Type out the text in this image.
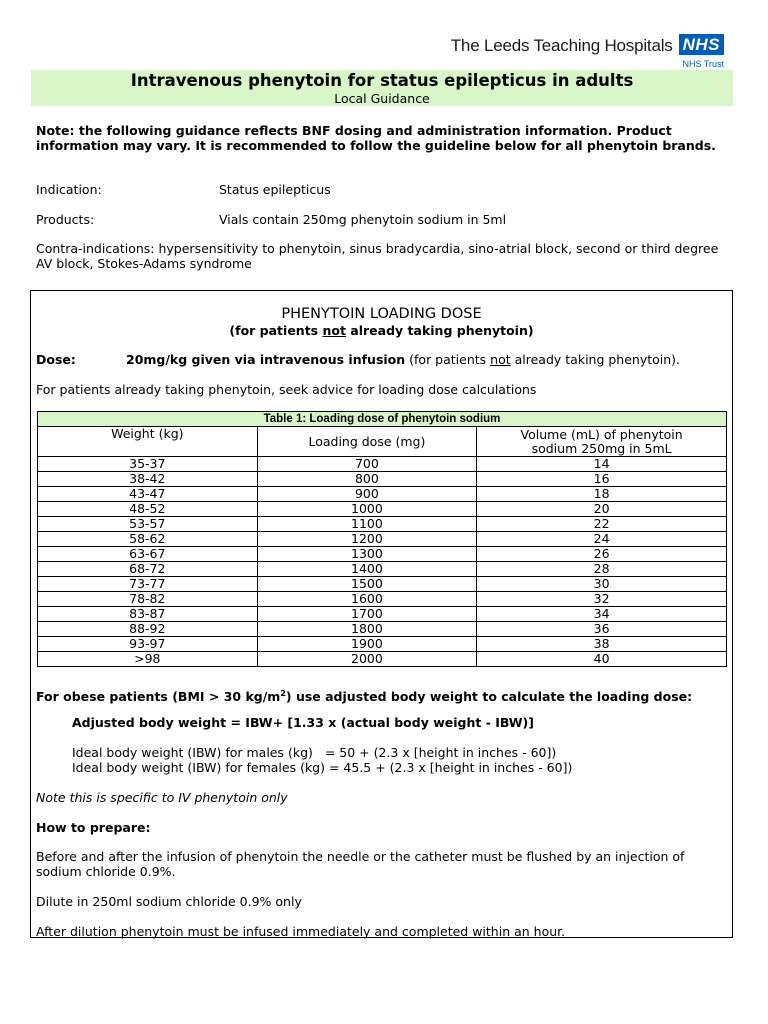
The Leeds Teaching Hospitals NHS
NHS Trust
Intravenous phenytoin for status epilepticus in adults
Local Guidance
Note: the following guidance reflects BNF dosing and administration information. Product information may vary. It is recommended to follow the guideline below for all phenytoin brands.
Indication:	Status epilepticus
Products:	Vials contain 250mg phenytoin sodium in 5ml
Contra-indications: hypersensitivity to phenytoin, sinus bradycardia, sino-atrial block, second or third degree AV block, Stokes-Adams syndrome
PHENYTOIN LOADING DOSE
(for patients not already taking phenytoin)
Dose:	20mg/kg given via intravenous infusion (for patients not already taking phenytoin).
For patients already taking phenytoin, seek advice for loading dose calculations
Table 1: Loading dose of phenytoin sodium		
Weight (kg)	Loading dose (mg)	Volume (mL) of phenytoin sodium 250mg in 5mL
35-37	700	14
38-42	800	16
43-47	900	18
48-52	1000	20
53-57	1100	22
58-62	1200	24
63-67	1300	26
68-72	1400	28
73-77	1500	30
78-82	1600	32
83-87	1700	34
88-92	1800	36
93-97	1900	38
>98	2000	40
For obese patients (BMI > 30 $kg/m^2$) use adjusted body weight to calculate the loading dose:
Adjusted body weight = IBW+ [1.33 x (actual body weight - IBW)]
Ideal body weight (IBW) for males (kg)   = 50 + (2.3 x [height in inches - 60])
Ideal body weight (IBW) for females (kg) = 45.5 + (2.3 x [height in inches - 60])
Note this is specific to IV phenytoin only
How to prepare:
Before and after the infusion of phenytoin the needle or the catheter must be flushed by an injection of sodium chloride 0.9%.
Dilute in 250ml sodium chloride 0.9% only
After dilution phenytoin must be infused immediately and completed within an hour.
